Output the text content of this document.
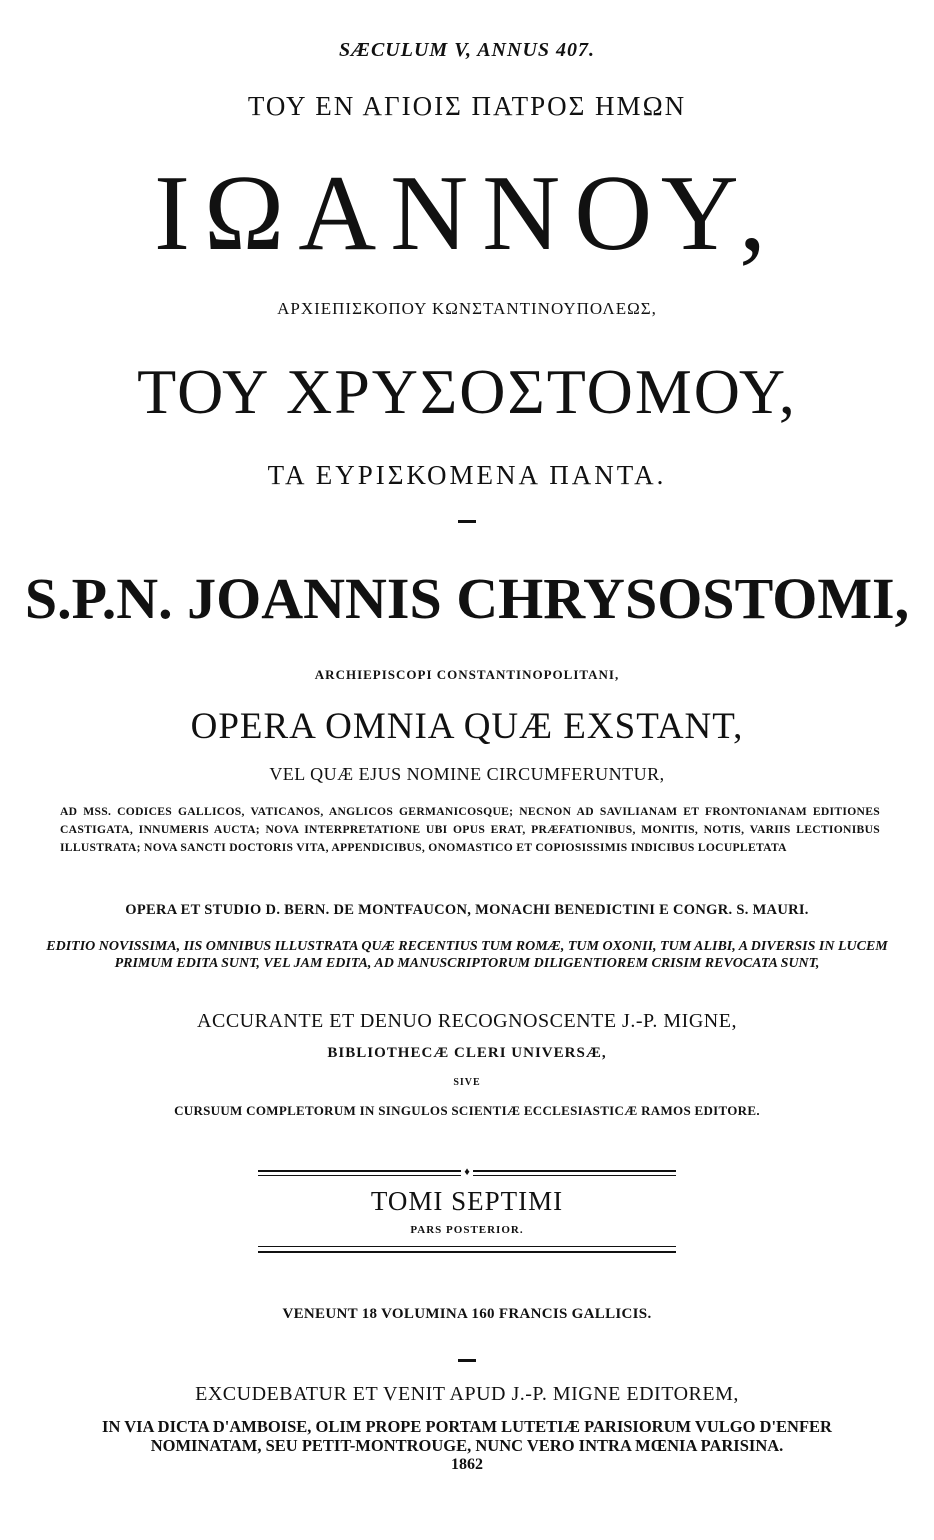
SÆCULUM V, ANNUS 407.

ΤΟΥ ΕΝ ΑΓΙΟΙΣ ΠΑΤΡΟΣ ΗΜΩΝ

ΙΩΑΝΝΟΥ,

ΑΡΧΙΕΠΙΣΚΟΠΟΥ ΚΩΝΣΤΑΝΤΙΝΟΥΠΟΛΕΩΣ,

ΤΟΥ ΧΡΥΣΟΣΤΟΜΟΥ,

ΤΑ ΕΥΡΙΣΚΟΜΕΝΑ ΠΑΝΤΑ.

S.P.N. JOANNIS CHRYSOSTOMI,

ARCHIEPISCOPI CONSTANTINOPOLITANI,

OPERA OMNIA QUÆ EXSTANT,

VEL QUÆ EJUS NOMINE CIRCUMFERUNTUR,

AD MSS. CODICES GALLICOS, VATICANOS, ANGLICOS GERMANICOSQUE; NECNON AD SAVILIANAM ET FRONTONIANAM EDITIONES CASTIGATA, INNUMERIS AUCTA; NOVA INTERPRETATIONE UBI OPUS ERAT, PRÆFATIONIBUS, MONITIS, NOTIS, VARIIS LECTIONIBUS ILLUSTRATA; NOVA SANCTI DOCTORIS VITA, APPENDICIBUS, ONOMASTICO ET COPIOSISSIMIS INDICIBUS LOCUPLETATA

OPERA ET STUDIO D. BERN. DE MONTFAUCON, MONACHI BENEDICTINI E CONGR. S. MAURI.

EDITIO NOVISSIMA, IIS OMNIBUS ILLUSTRATA QUÆ RECENTIUS TUM ROMÆ, TUM OXONII, TUM ALIBI, A DIVERSIS IN LUCEM PRIMUM EDITA SUNT, VEL JAM EDITA, AD MANUSCRIPTORUM DILIGENTIOREM CRISIM REVOCATA SUNT,

ACCURANTE ET DENUO RECOGNOSCENTE J.-P. MIGNE,

BIBLIOTHECÆ CLERI UNIVERSÆ,

SIVE

CURSUUM COMPLETORUM IN SINGULOS SCIENTIÆ ECCLESIASTICÆ RAMOS EDITORE.

♦

TOMI SEPTIMI

PARS POSTERIOR.

VENEUNT 18 VOLUMINA 160 FRANCIS GALLICIS.

EXCUDEBATUR ET VENIT APUD J.-P. MIGNE EDITOREM,

IN VIA DICTA D'AMBOISE, OLIM PROPE PORTAM LUTETIÆ PARISIORUM VULGO D'ENFER

NOMINATAM, SEU PETIT-MONTROUGE, NUNC VERO INTRA MŒNIA PARISINA.

1862
